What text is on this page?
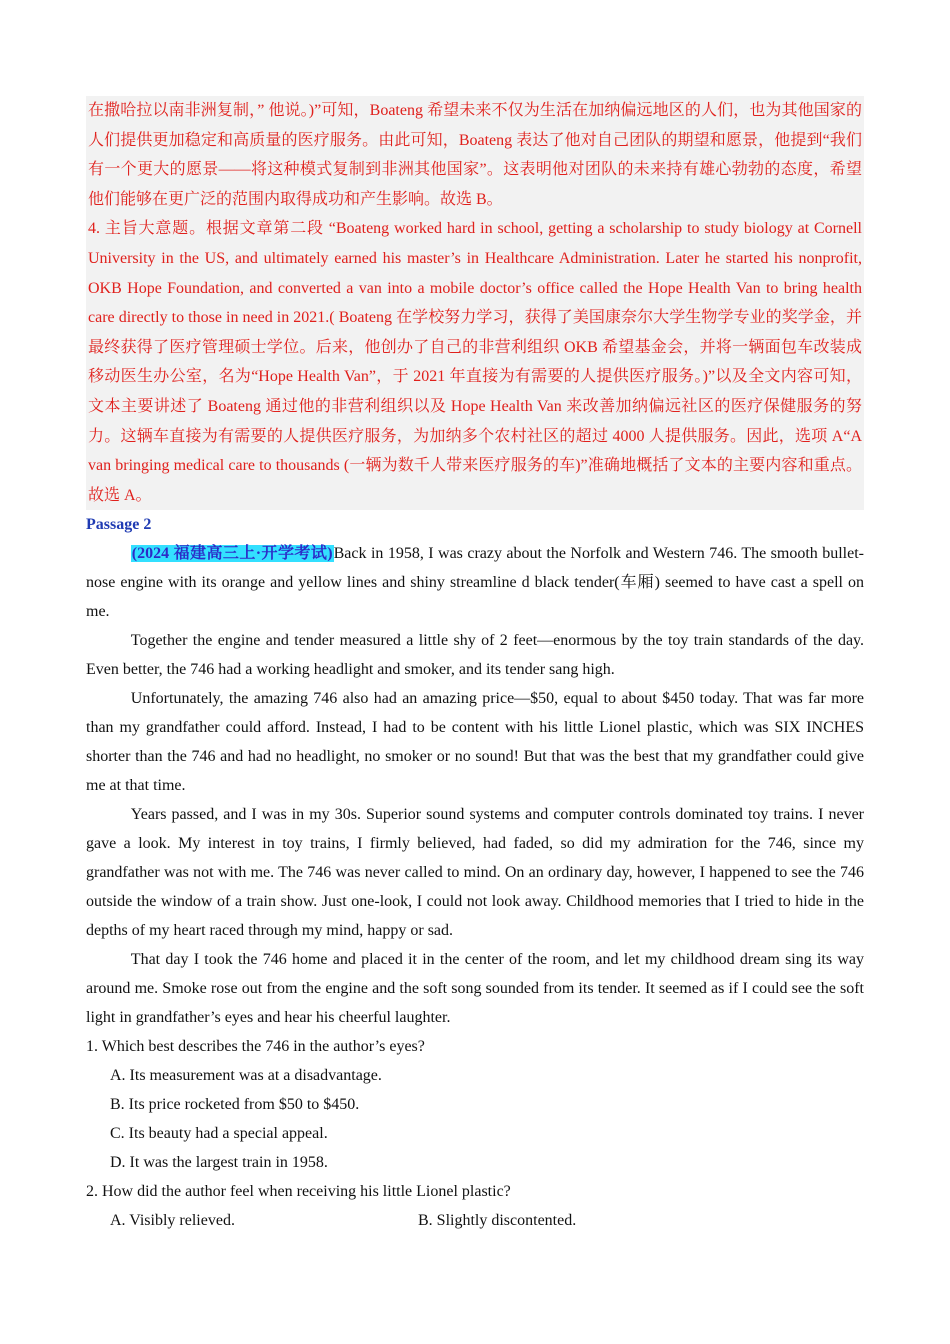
在撒哈拉以南非洲复制，” 他说。)”可知，Boateng 希望未来不仅为生活在加纳偏远地区的人们，也为其他国家的人们提供更加稳定和高质量的医疗服务。由此可知，Boateng 表达了他对自己团队的期望和愿景，他提到“我们有一个更大的愿景——将这种模式复制到非洲其他国家”。这表明他对团队的未来持有雄心勃勃的态度，希望他们能够在更广泛的范围内取得成功和产生影响。故选 B。

4. 主旨大意题。根据文章第二段 “Boateng worked hard in school, getting a scholarship to study biology at Cornell University in the US, and ultimately earned his master’s in Healthcare Administration. Later he started his nonprofit, OKB Hope Foundation, and converted a van into a mobile doctor’s office called the Hope Health Van to bring health care directly to those in need in 2021.( Boateng 在学校努力学习，获得了美国康奈尔大学生物学专业的奖学金，并最终获得了医疗管理硕士学位。后来，他创办了自己的非营利组织 OKB 希望基金会，并将一辆面包车改装成移动医生办公室，名为“Hope Health Van”，于 2021 年直接为有需要的人提供医疗服务。)”以及全文内容可知，文本主要讲述了 Boateng 通过他的非营利组织以及 Hope Health Van 来改善加纳偏远社区的医疗保健服务的努力。这辆车直接为有需要的人提供医疗服务，为加纳多个农村社区的超过 4000 人提供服务。因此，选项 A“A van bringing medical care to thousands (一辆为数千人带来医疗服务的车)”准确地概括了文本的主要内容和重点。故选 A。

Passage 2

(2024 福建高三上·开学考试)Back in 1958, I was crazy about the Norfolk and Western 746. The smooth bullet-nose engine with its orange and yellow lines and shiny streamline d black tender(车厢) seemed to have cast a spell on me.

Together the engine and tender measured a little shy of 2 feet—enormous by the toy train standards of the day. Even better, the 746 had a working headlight and smoker, and its tender sang high.

Unfortunately, the amazing 746 also had an amazing price—$50, equal to about $450 today. That was far more than my grandfather could afford. Instead, I had to be content with his little Lionel plastic, which was SIX INCHES shorter than the 746 and had no headlight, no smoker or no sound! But that was the best that my grandfather could give me at that time.

Years passed, and I was in my 30s. Superior sound systems and computer controls dominated toy trains. I never gave a look. My interest in toy trains, I firmly believed, had faded, so did my admiration for the 746, since my grandfather was not with me. The 746 was never called to mind. On an ordinary day, however, I happened to see the 746 outside the window of a train show. Just one-look, I could not look away. Childhood memories that I tried to hide in the depths of my heart raced through my mind, happy or sad.

That day I took the 746 home and placed it in the center of the room, and let my childhood dream sing its way around me. Smoke rose out from the engine and the soft song sounded from its tender. It seemed as if I could see the soft light in grandfather’s eyes and hear his cheerful laughter.

1. Which best describes the 746 in the author’s eyes?

A. Its measurement was at a disadvantage.

B. Its price rocketed from $50 to $450.

C. Its beauty had a special appeal.

D. It was the largest train in 1958.

2. How did the author feel when receiving his little Lionel plastic?

A. Visibly relieved.	B. Slightly discontented.
